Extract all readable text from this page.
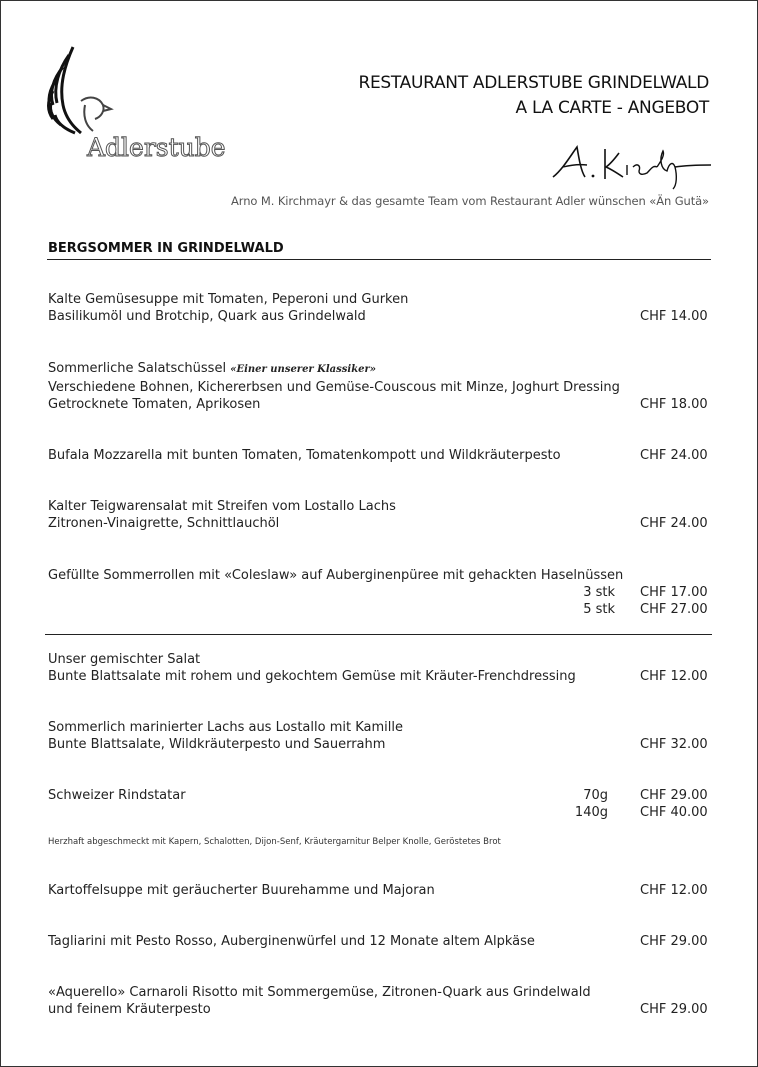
Adlerstube
RESTAURANT ADLERSTUBE GRINDELWALD
A LA CARTE - ANGEBOT
Arno M. Kirchmayr & das gesamte Team vom Restaurant Adler wünschen «Än Gutä»
BERGSOMMER IN GRINDELWALD
Kalte Gemüsesuppe mit Tomaten, Peperoni und Gurken
Basilikumöl und Brotchip, Quark aus Grindelwald	CHF 14.00
Sommerliche Salatschüssel «Einer unserer Klassiker»
Verschiedene Bohnen, Kichererbsen und Gemüse-Couscous mit Minze, Joghurt Dressing
Getrocknete Tomaten, Aprikosen	CHF 18.00
Bufala Mozzarella mit bunten Tomaten, Tomatenkompott und Wildkräuterpesto	CHF 24.00
Kalter Teigwarensalat mit Streifen vom Lostallo Lachs
Zitronen-Vinaigrette, Schnittlauchöl	CHF 24.00
Gefüllte Sommerrollen mit «Coleslaw» auf Auberginenpüree mit gehackten Haselnüssen
3 stk CHF 17.00
5 stk CHF 27.00
Unser gemischter Salat
Bunte Blattsalate mit rohem und gekochtem Gemüse mit Kräuter-Frenchdressing	CHF 12.00
Sommerlich marinierter Lachs aus Lostallo mit Kamille
Bunte Blattsalate, Wildkräuterpesto und Sauerrahm	CHF 32.00
Schweizer Rindstatar	70g CHF 29.00
140g CHF 40.00
Herzhaft abgeschmeckt mit Kapern, Schalotten, Dijon-Senf, Kräutergarnitur Belper Knolle, Geröstetes Brot
Kartoffelsuppe mit geräucherter Buurehamme und Majoran	CHF 12.00
Tagliarini mit Pesto Rosso, Auberginenwürfel und 12 Monate altem Alpkäse	CHF 29.00
«Aquerello» Carnaroli Risotto mit Sommergemüse, Zitronen-Quark aus Grindelwald
und feinem Kräuterpesto	CHF 29.00
